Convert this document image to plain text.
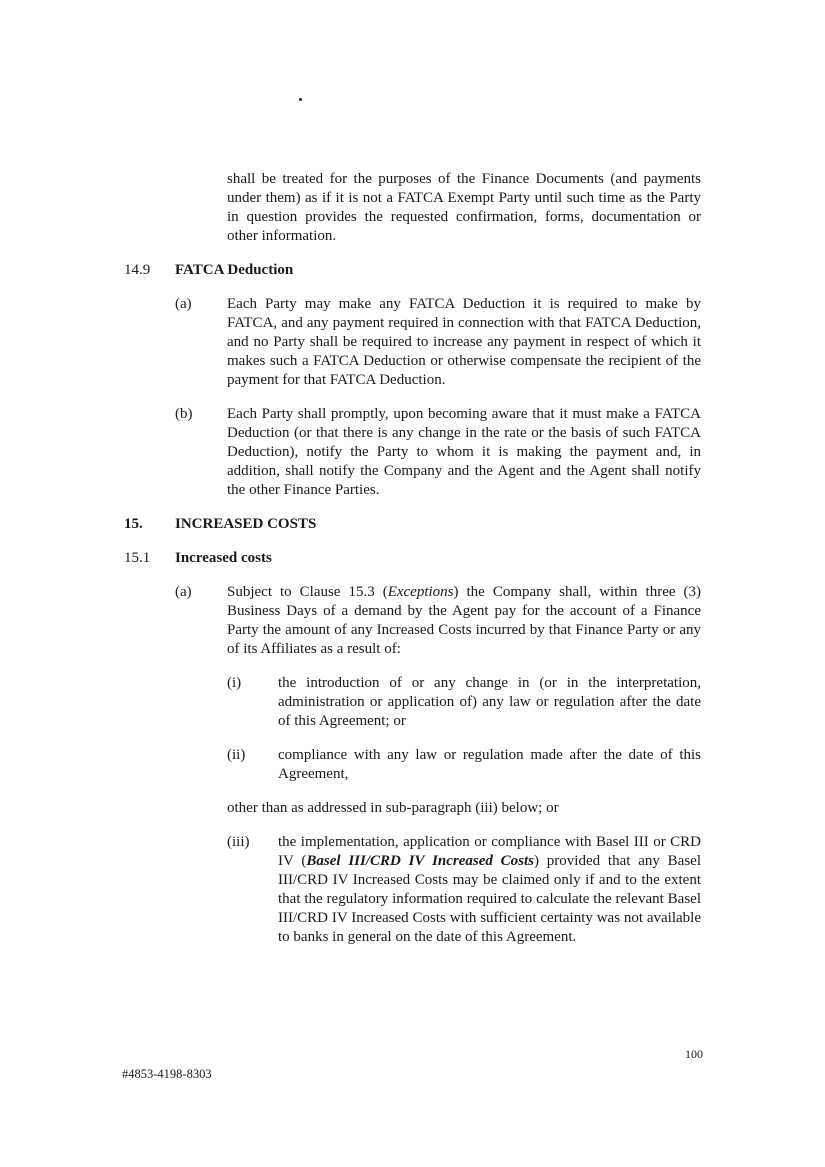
shall be treated for the purposes of the Finance Documents (and payments under them) as if it is not a FATCA Exempt Party until such time as the Party in question provides the requested confirmation, forms, documentation or other information.

14.9	FATCA Deduction
(a)	Each Party may make any FATCA Deduction it is required to make by FATCA, and any payment required in connection with that FATCA Deduction, and no Party shall be required to increase any payment in respect of which it makes such a FATCA Deduction or otherwise compensate the recipient of the payment for that FATCA Deduction.

(b)	Each Party shall promptly, upon becoming aware that it must make a FATCA Deduction (or that there is any change in the rate or the basis of such FATCA Deduction), notify the Party to whom it is making the payment and, in addition, shall notify the Company and the Agent and the Agent shall notify the other Finance Parties.

15.	INCREASED COSTS
15.1	Increased costs
(a)	Subject to Clause 15.3 (Exceptions) the Company shall, within three (3) Business Days of a demand by the Agent pay for the account of a Finance Party the amount of any Increased Costs incurred by that Finance Party or any of its Affiliates as a result of:

(i)	the introduction of or any change in (or in the interpretation, administration or application of) any law or regulation after the date of this Agreement; or

(ii)	compliance with any law or regulation made after the date of this Agreement,

other than as addressed in sub-paragraph (iii) below; or

(iii)	the implementation, application or compliance with Basel III or CRD IV (Basel III/CRD IV Increased Costs) provided that any Basel III/CRD IV Increased Costs may be claimed only if and to the extent that the regulatory information required to calculate the relevant Basel III/CRD IV Increased Costs with sufficient certainty was not available to banks in general on the date of this Agreement.

100
#4853-4198-8303
